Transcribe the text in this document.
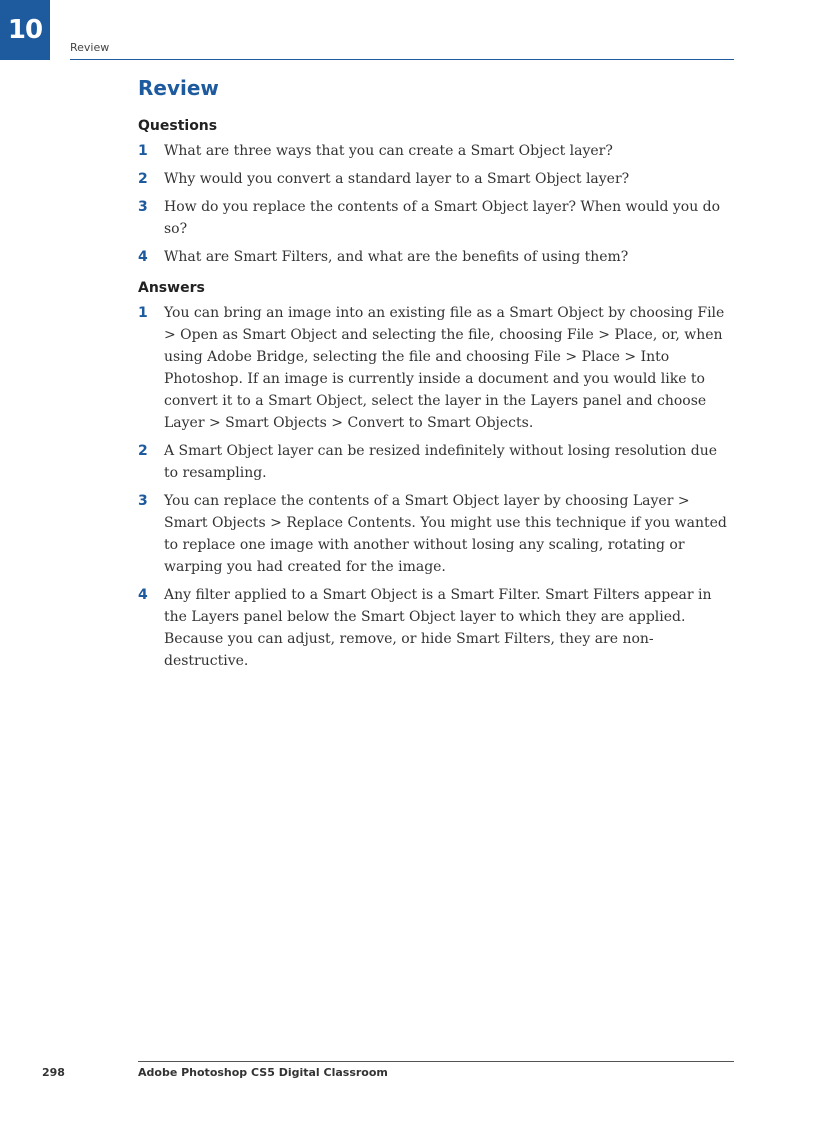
10
Review
Review
Questions
1	What are three ways that you can create a Smart Object layer?
2	Why would you convert a standard layer to a Smart Object layer?
3	How do you replace the contents of a Smart Object layer? When would you do so?
4	What are Smart Filters, and what are the benefits of using them?
Answers
1	You can bring an image into an existing file as a Smart Object by choosing File > Open as Smart Object and selecting the file, choosing File > Place, or, when using Adobe Bridge, selecting the file and choosing File > Place > Into Photoshop. If an image is currently inside a document and you would like to convert it to a Smart Object, select the layer in the Layers panel and choose Layer > Smart Objects > Convert to Smart Objects.
2	A Smart Object layer can be resized indefinitely without losing resolution due to resampling.
3	You can replace the contents of a Smart Object layer by choosing Layer > Smart Objects > Replace Contents. You might use this technique if you wanted to replace one image with another without losing any scaling, rotating or warping you had created for the image.
4	Any filter applied to a Smart Object is a Smart Filter. Smart Filters appear in the Layers panel below the Smart Object layer to which they are applied. Because you can adjust, remove, or hide Smart Filters, they are non-destructive.
298	Adobe Photoshop CS5 Digital Classroom
